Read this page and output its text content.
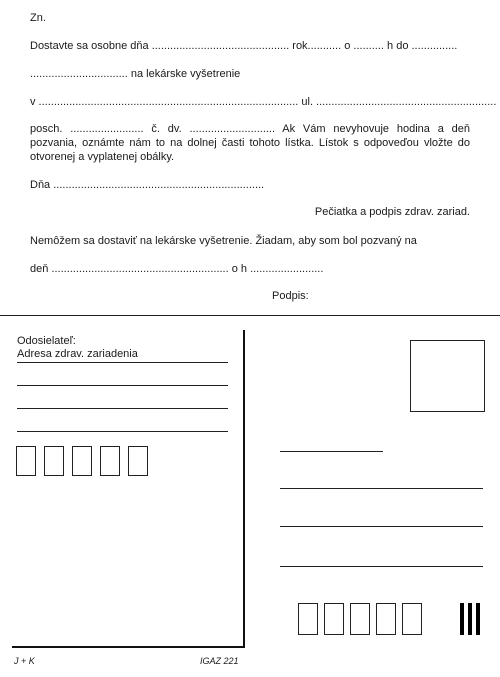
Zn.
Dostavte sa osobne dňa ............................................. rok........... o .......... h do ...............
................................ na lekárske vyšetrenie
v ..................................................................................... ul. ...........................................................
posch. ........................ č. dv. ............................ Ak Vám nevyhovuje hodina a deň pozvania, oznámte nám to na dolnej časti tohoto lístka. Lístok s odpoveďou vložte do otvorenej a vyplatenej obálky.
Dňa .....................................................................
Pečiatka a podpis zdrav. zariad.
Nemôžem sa dostaviť na lekárske vyšetrenie. Žiadam, aby som bol pozvaný na
deň .......................................................... o h ........................
Podpis:
Odosielateľ:
Adresa zdrav. zariadenia
J + K	IGAZ 221
